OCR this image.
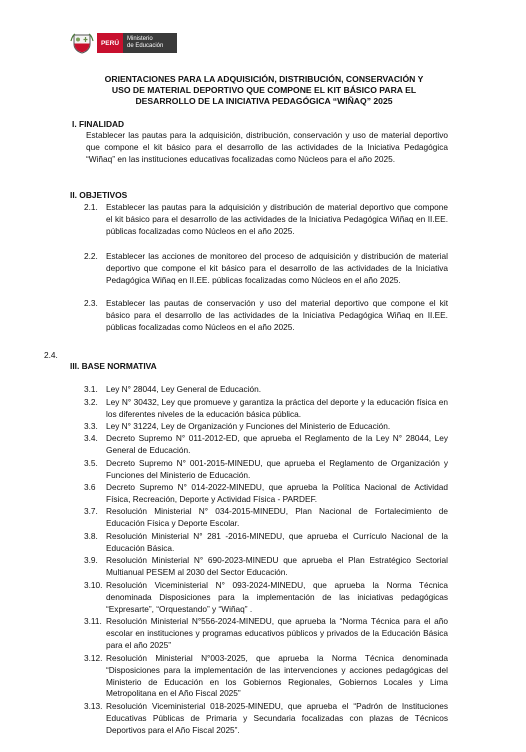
PERÚ
Ministerio
de Educación
ORIENTACIONES PARA LA ADQUISICIÓN, DISTRIBUCIÓN, CONSERVACIÓN Y
USO DE MATERIAL DEPORTIVO QUE COMPONE EL KIT BÁSICO PARA EL
DESARROLLO DE LA INICIATIVA PEDAGÓGICA “WIÑAQ” 2025
I. FINALIDAD
Establecer las pautas para la adquisición, distribución, conservación y uso de material deportivo que compone el kit básico para el desarrollo de las actividades de la Iniciativa Pedagógica “Wiñaq” en las instituciones educativas focalizadas como Núcleos para el año 2025.
II. OBJETIVOS
2.1. Establecer las pautas para la adquisición y distribución de material deportivo que compone el kit básico para el desarrollo de las actividades de la Iniciativa Pedagógica Wiñaq en II.EE. públicas focalizadas como Núcleos en el año 2025.
2.2. Establecer las acciones de monitoreo del proceso de adquisición y distribución de material deportivo que compone el kit básico para el desarrollo de las actividades de la Iniciativa Pedagógica Wiñaq en II.EE. públicas focalizadas como Núcleos en el año 2025.
2.3. Establecer las pautas de conservación y uso del material deportivo que compone el kit básico para el desarrollo de las actividades de la Iniciativa Pedagógica Wiñaq en II.EE. públicas focalizadas como Núcleos en el año 2025.
2.4.
III. BASE NORMATIVA
3.1. Ley N° 28044, Ley General de Educación.
3.2. Ley N° 30432, Ley que promueve y garantiza la práctica del deporte y la educación física en los diferentes niveles de la educación básica pública.
3.3. Ley N° 31224, Ley de Organización y Funciones del Ministerio de Educación.
3.4. Decreto Supremo N° 011-2012-ED, que aprueba el Reglamento de la Ley N° 28044, Ley General de Educación.
3.5. Decreto Supremo N° 001-2015-MINEDU, que aprueba el Reglamento de Organización y Funciones del Ministerio de Educación.
3.6	Decreto Supremo N° 014-2022-MINEDU, que aprueba la Política Nacional de Actividad Física, Recreación, Deporte y Actividad Física - PARDEF.
3.7. Resolución Ministerial N° 034-2015-MINEDU, Plan Nacional de Fortalecimiento de Educación Física y Deporte Escolar.
3.8. Resolución Ministerial N° 281 -2016-MINEDU, que aprueba el Currículo Nacional de la Educación Básica.
3.9. Resolución Ministerial N° 690-2023-MINEDU que aprueba el Plan Estratégico Sectorial Multianual PESEM al 2030 del Sector Educación.
3.10. Resolución Viceministerial N° 093-2024-MINEDU, que aprueba la Norma Técnica denominada Disposiciones para la implementación de las iniciativas pedagógicas “Expresarte”, “Orquestando” y “Wiñaq” .
3.11. Resolución Ministerial N°556-2024-MINEDU, que aprueba la “Norma Técnica para el año escolar en instituciones y programas educativos públicos y privados de la Educación Básica para el año 2025”
3.12. Resolución Ministerial N°003-2025, que aprueba la Norma Técnica denominada “Disposiciones para la implementación de las intervenciones y acciones pedagógicas del Ministerio de Educación en los Gobiernos Regionales, Gobiernos Locales y Lima Metropolitana en el Año Fiscal 2025”
3.13. Resolución Viceministerial 018-2025-MINEDU, que aprueba el “Padrón de Instituciones Educativas Públicas de Primaria y Secundaria focalizadas con plazas de Técnicos Deportivos para el Año Fiscal 2025”.
